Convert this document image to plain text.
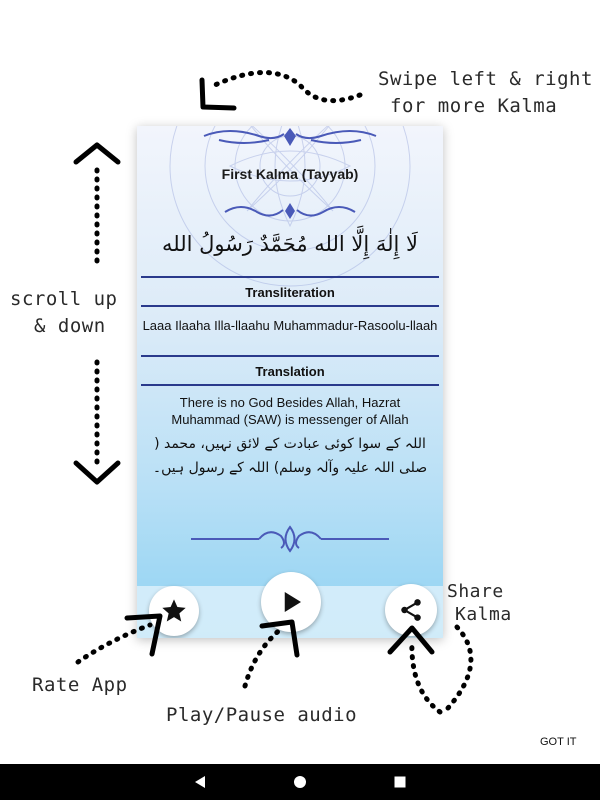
Swipe left & right
for more Kalma
scroll up
& down
Share
Kalma
Rate App
Play/Pause audio
First Kalma (Tayyab)
لَا إِلٰهَ إِلَّا الله مُحَمَّدٌ رَسُولُ الله
Transliteration
Laaa Ilaaha Illa-llaahu Muhammadur-Rasoolu-llaah
Translation
There is no God Besides Allah, Hazrat Muhammad (SAW) is messenger of Allah
اللہ کے سوا کوئی عبادت کے لائق نہیں، محمد ( صلی اللہ علیہ وآلہ وسلم) اللہ کے رسول ہیں۔
GOT IT
